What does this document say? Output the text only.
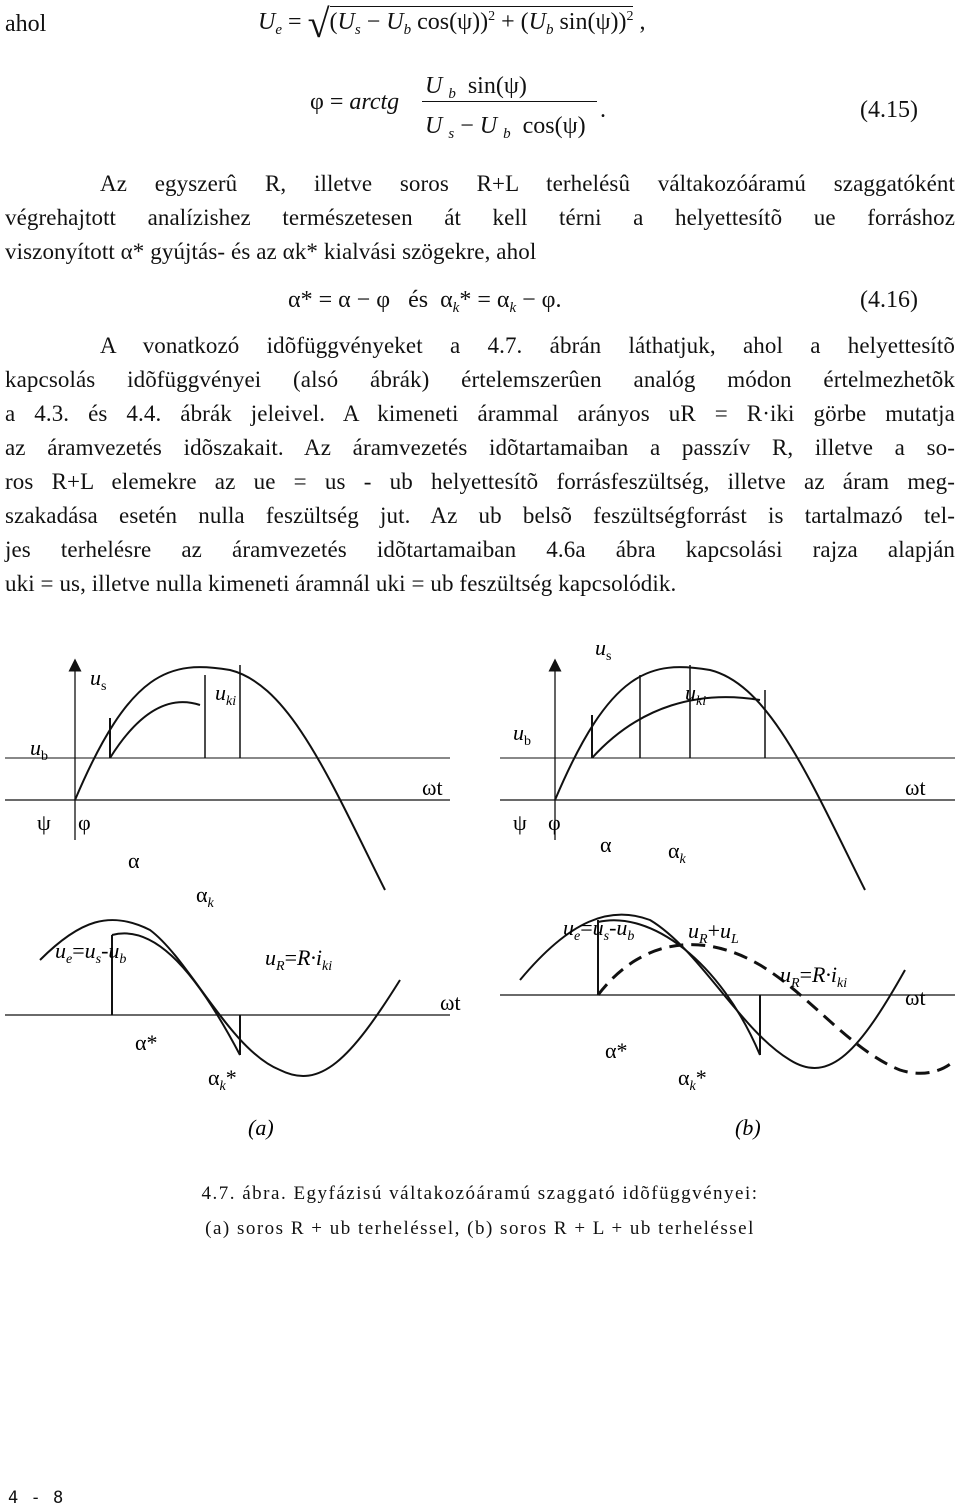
ahol	$U_e = √(U_s - U_b$ $\cos(\psi))^2 + (U_b$ sin(ψ))$^2$ ,
φ = arctg
U $_b$  sin(ψ)
U $_s$ − U $_b$  cos(ψ)
.	(4.15)
Az egyszerû R, illetve soros R+L terhelésû váltakozóáramú szaggatóként
végrehajtott analízishez természetesen át kell térni a helyettesítõ ue forráshoz
viszonyított α* gyújtás- és az αk* kialvási szögekre, ahol
α* = α − φ   és  $\alpha_k* = \alpha_k - \varphi$.	(4.16)
A vonatkozó idõfüggvényeket a 4.7. ábrán láthatjuk, ahol a helyettesítõ
kapcsolás idõfüggvényei (alsó ábrák) értelemszerûen analóg módon értelmezhetõk
a 4.3. és 4.4. ábrák jeleivel. A kimeneti árammal arányos uR = R·iki görbe mutatja
az áramvezetés idõszakait. Az áramvezetés idõtartamaiban a passzív R, illetve a so-
ros R+L elemekre az ue = us - ub helyettesítõ forrásfeszültség, illetve az áram meg-
szakadása esetén nulla feszültség jut. Az ub belsõ feszültségforrást is tartalmazó tel-
jes terhelésre az áramvezetés idõtartamaiban 4.6a ábra kapcsolási rajza alapján
uki = us, illetve nulla kimeneti áramnál uki = ub feszültség kapcsolódik.
$u_s$	$u_{ki}$
$u_b$
ωt
ψ φ
α
$\alpha_k$
$u_e=u_s-u_b$	$u_R=R\cdot i_{ki}$
ωt
α*
$\alpha_k*$
(a)
$u_s$
$u_{ki}$
$u_b$
ωt
ψ φ
α	$\alpha_k$
$u_e=u_s-u_b$ $u_R+u_L$
$u_R=R\cdot i_{ki}$
ωt
α*
$\alpha_k*$
(b)
4.7. ábra. Egyfázisú váltakozóáramú szaggató idõfüggvényei:
(a) soros R + ub terheléssel, (b) soros R + L + ub terheléssel
4 - 8
